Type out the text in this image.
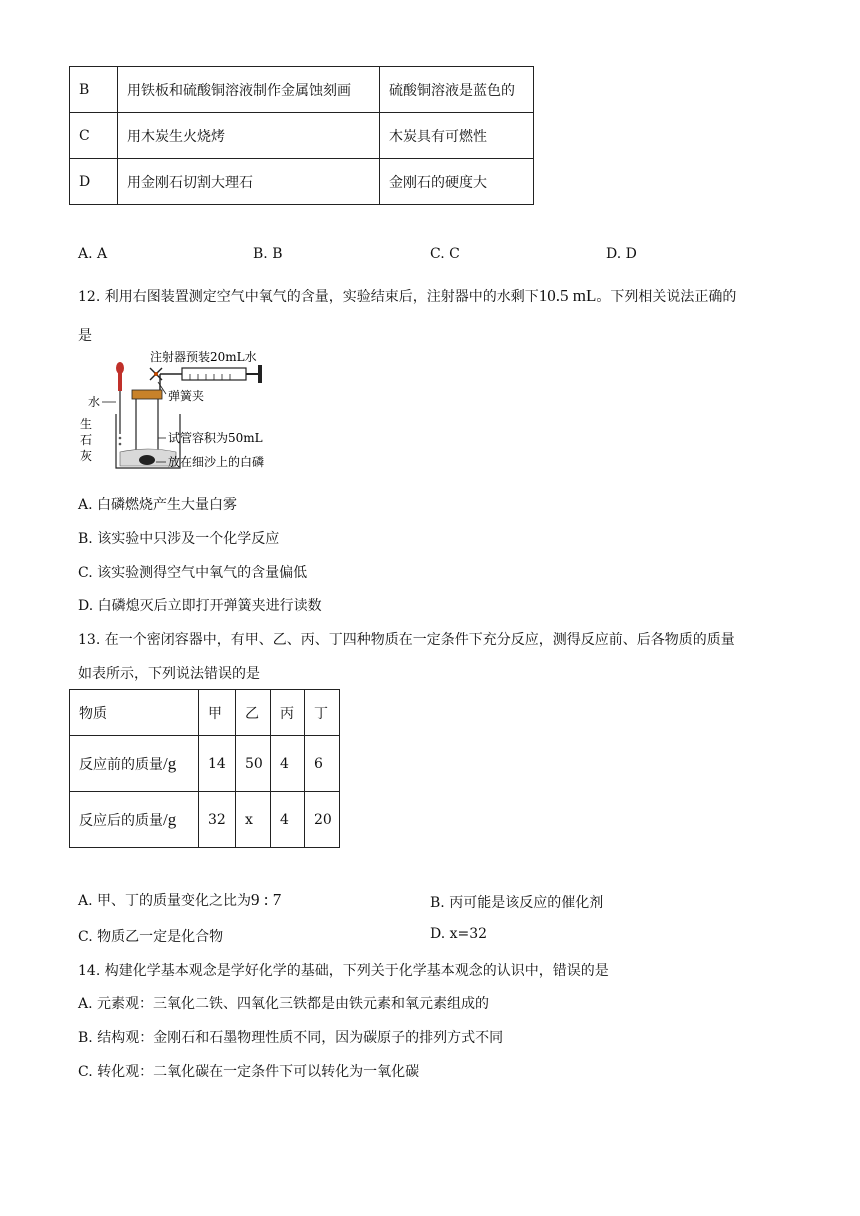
B	用铁板和硫酸铜溶液制作金属蚀刻画	硫酸铜溶液是蓝色的
C	用木炭生火烧烤	木炭具有可燃性
D	用金刚石切割大理石	金刚石的硬度大
A. A	B. B	C. C	D. D
12. 利用右图装置测定空气中氧气的含量，实验结束后，注射器中的水剩下10.5 mL。下列相关说法正确的
是
注射器预装20mL水
弹簧夹
水
试管容积为50mL
放在细沙上的白磷
生
石
灰
A. 白磷燃烧产生大量白雾
B. 该实验中只涉及一个化学反应
C. 该实验测得空气中氧气的含量偏低
D. 白磷熄灭后立即打开弹簧夹进行读数
13. 在一个密闭容器中，有甲、乙、丙、丁四种物质在一定条件下充分反应，测得反应前、后各物质的质量
如表所示，下列说法错误的是
物质	甲	乙	丙	丁
反应前的质量/g	14	50	4	6
反应后的质量/g	32	x	4	20
A. 甲、丁的质量变化之比为9 : 7	B. 丙可能是该反应的催化剂
C. 物质乙一定是化合物	D. x=32
14. 构建化学基本观念是学好化学的基础，下列关于化学基本观念的认识中，错误的是
A. 元素观：三氧化二铁、四氧化三铁都是由铁元素和氧元素组成的
B. 结构观：金刚石和石墨物理性质不同，因为碳原子的排列方式不同
C. 转化观：二氧化碳在一定条件下可以转化为一氧化碳
